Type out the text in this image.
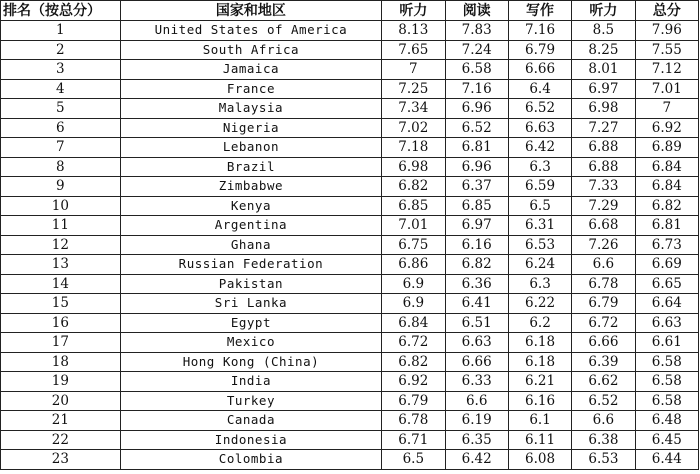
排名（按总分）	国家和地区	听力	阅读	写作	听力	总分
1	United States of America	8.13	7.83	7.16	8.5	7.96
2	South Africa	7.65	7.24	6.79	8.25	7.55
3	Jamaica	7	6.58	6.66	8.01	7.12
4	France	7.25	7.16	6.4	6.97	7.01
5	Malaysia	7.34	6.96	6.52	6.98	7
6	Nigeria	7.02	6.52	6.63	7.27	6.92
7	Lebanon	7.18	6.81	6.42	6.88	6.89
8	Brazil	6.98	6.96	6.3	6.88	6.84
9	Zimbabwe	6.82	6.37	6.59	7.33	6.84
10	Kenya	6.85	6.85	6.5	7.29	6.82
11	Argentina	7.01	6.97	6.31	6.68	6.81
12	Ghana	6.75	6.16	6.53	7.26	6.73
13	Russian Federation	6.86	6.82	6.24	6.6	6.69
14	Pakistan	6.9	6.36	6.3	6.78	6.65
15	Sri Lanka	6.9	6.41	6.22	6.79	6.64
16	Egypt	6.84	6.51	6.2	6.72	6.63
17	Mexico	6.72	6.63	6.18	6.66	6.61
18	Hong Kong (China)	6.82	6.66	6.18	6.39	6.58
19	India	6.92	6.33	6.21	6.62	6.58
20	Turkey	6.79	6.6	6.16	6.52	6.58
21	Canada	6.78	6.19	6.1	6.6	6.48
22	Indonesia	6.71	6.35	6.11	6.38	6.45
23	Colombia	6.5	6.42	6.08	6.53	6.44
